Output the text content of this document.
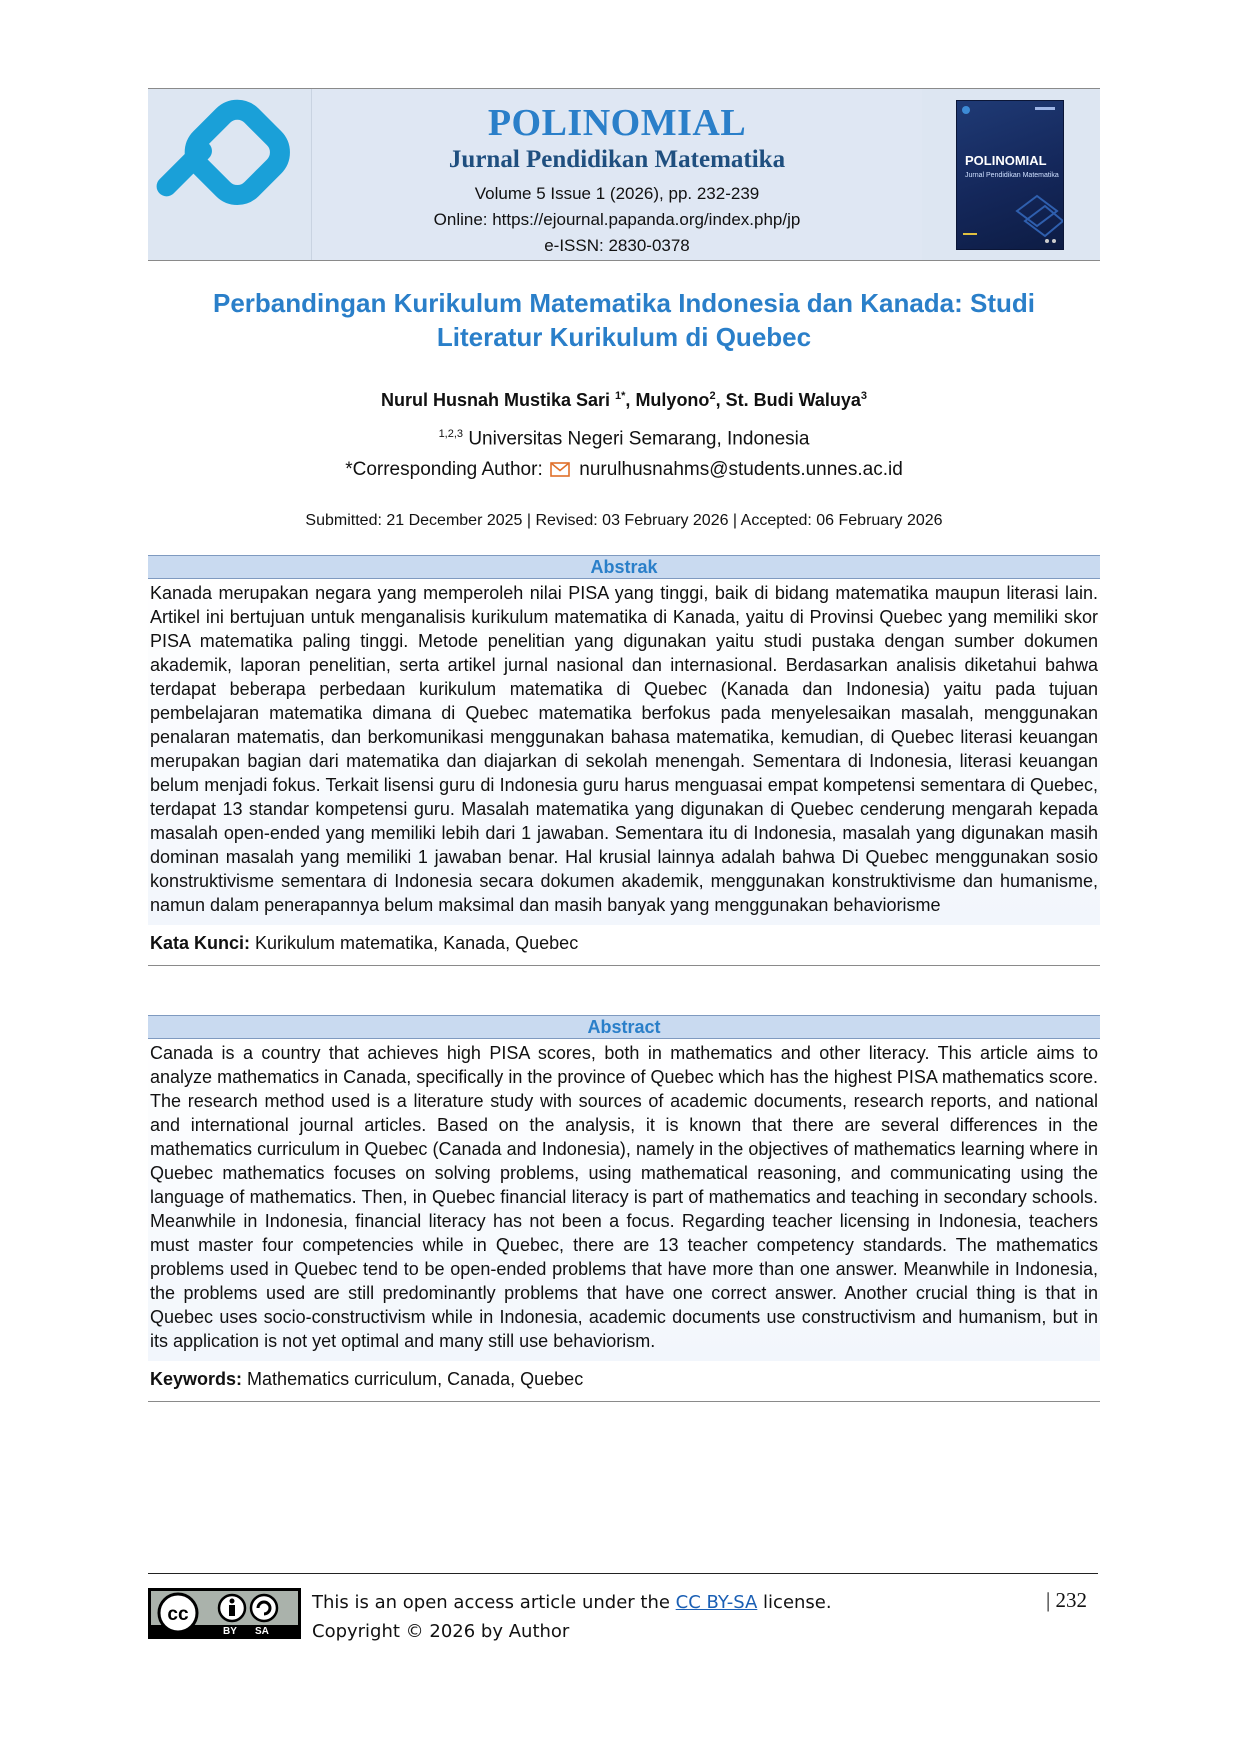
POLINOMIAL
Jurnal Pendidikan Matematika
Volume 5 Issue 1 (2026), pp. 232-239
Online: https://ejournal.papanda.org/index.php/jp
e-ISSN: 2830-0378
POLINOMIAL
Jurnal Pendidikan Matematika
Perbandingan Kurikulum Matematika Indonesia dan Kanada: Studi
Literatur Kurikulum di Quebec
Nurul Husnah Mustika Sari $^{1*}$, Mulyono$^2$, St. Budi Waluya$^3$
$^{1,2,3}$ Universitas Negeri Semarang, Indonesia
*Corresponding Author: nurulhusnahms@students.unnes.ac.id
Submitted: 21 December 2025 | Revised: 03 February 2026 | Accepted: 06 February 2026
Abstrak
Kanada merupakan negara yang memperoleh nilai PISA yang tinggi, baik di bidang matematika maupun literasi lain. Artikel ini bertujuan untuk menganalisis kurikulum matematika di Kanada, yaitu di Provinsi Quebec yang memiliki skor PISA matematika paling tinggi. Metode penelitian yang digunakan yaitu studi pustaka dengan sumber dokumen akademik, laporan penelitian, serta artikel jurnal nasional dan internasional. Berdasarkan analisis diketahui bahwa terdapat beberapa perbedaan kurikulum matematika di Quebec (Kanada dan Indonesia) yaitu pada tujuan pembelajaran matematika dimana di Quebec matematika berfokus pada menyelesaikan masalah, menggunakan penalaran matematis, dan berkomunikasi menggunakan bahasa matematika, kemudian, di Quebec literasi keuangan merupakan bagian dari matematika dan diajarkan di sekolah menengah. Sementara di Indonesia, literasi keuangan belum menjadi fokus. Terkait lisensi guru di Indonesia guru harus menguasai empat kompetensi sementara di Quebec, terdapat 13 standar kompetensi guru. Masalah matematika yang digunakan di Quebec cenderung mengarah kepada masalah open-ended yang memiliki lebih dari 1 jawaban. Sementara itu di Indonesia, masalah yang digunakan masih dominan masalah yang memiliki 1 jawaban benar. Hal krusial lainnya adalah bahwa Di Quebec menggunakan sosio konstruktivisme sementara di Indonesia secara dokumen akademik, menggunakan konstruktivisme dan humanisme, namun dalam penerapannya belum maksimal dan masih banyak yang menggunakan behaviorisme
Kata Kunci: Kurikulum matematika, Kanada, Quebec
Abstract
Canada is a country that achieves high PISA scores, both in mathematics and other literacy. This article aims to analyze mathematics in Canada, specifically in the province of Quebec which has the highest PISA mathematics score. The research method used is a literature study with sources of academic documents, research reports, and national and international journal articles. Based on the analysis, it is known that there are several differences in the mathematics curriculum in Quebec (Canada and Indonesia), namely in the objectives of mathematics learning where in Quebec mathematics focuses on solving problems, using mathematical reasoning, and communicating using the language of mathematics. Then, in Quebec financial literacy is part of mathematics and teaching in secondary schools. Meanwhile in Indonesia, financial literacy has not been a focus. Regarding teacher licensing in Indonesia, teachers must master four competencies while in Quebec, there are 13 teacher competency standards. The mathematics problems used in Quebec tend to be open-ended problems that have more than one answer. Meanwhile in Indonesia, the problems used are still predominantly problems that have one correct answer. Another crucial thing is that in Quebec uses socio-constructivism while in Indonesia, academic documents use constructivism and humanism, but in its application is not yet optimal and many still use behaviorism.
Keywords: Mathematics curriculum, Canada, Quebec
cc
BY SA
This is an open access article under the CC BY-SA license.
Copyright © 2026 by Author
| 232
